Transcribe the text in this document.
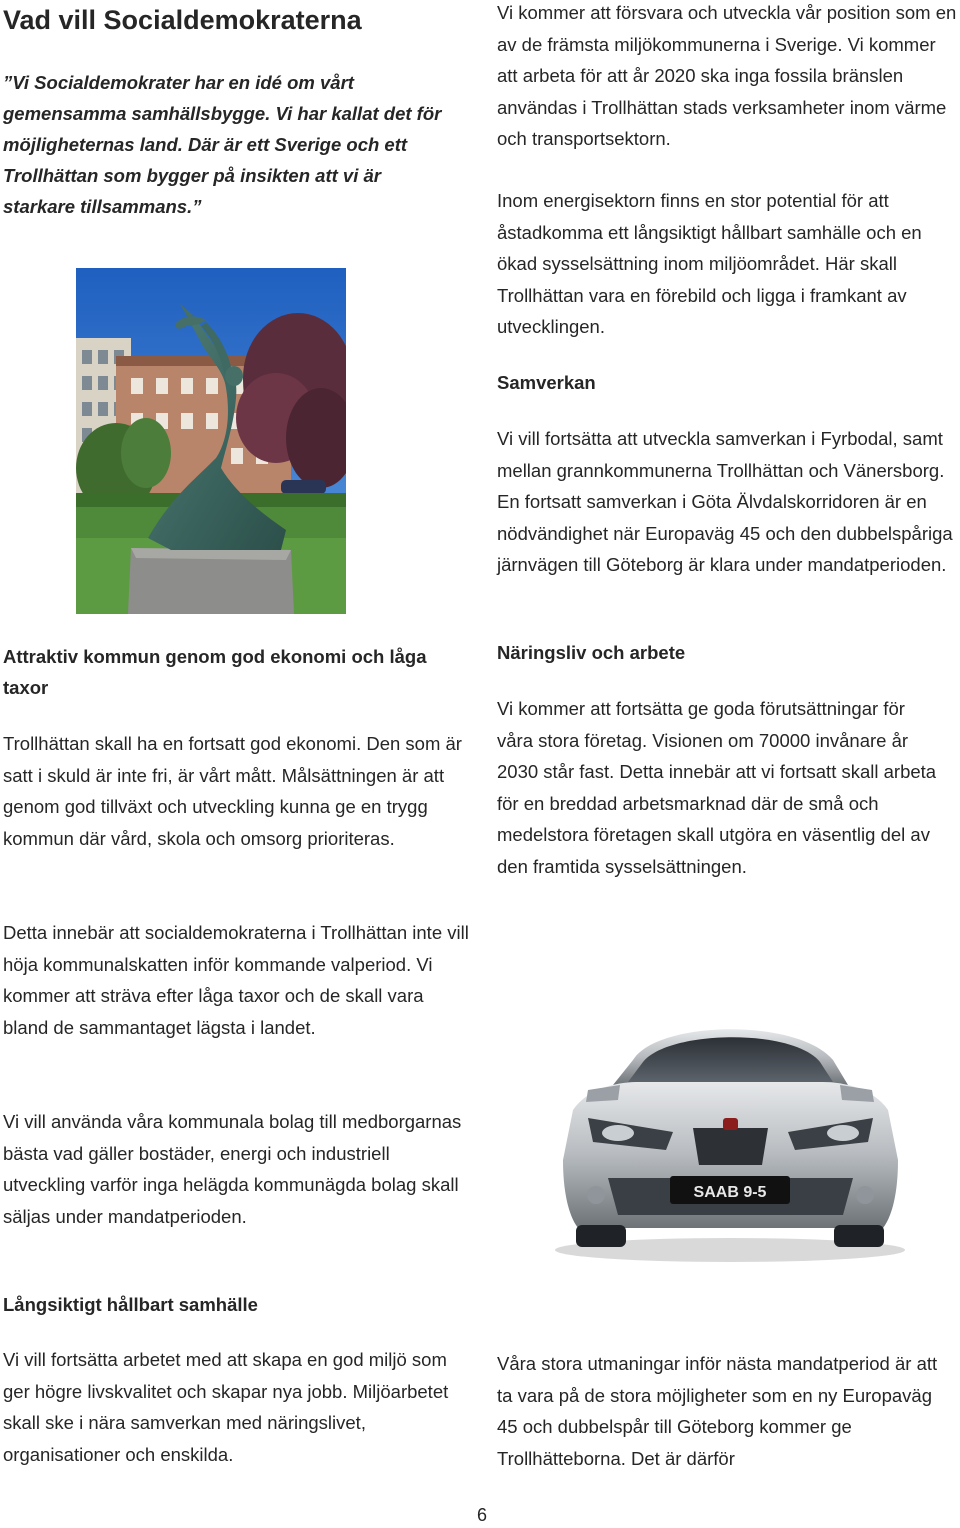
Vad vill Socialdemokraterna
”Vi Socialdemokrater har en idé om vårt gemensamma samhällsbygge. Vi har kallat det för möjligheternas land. Där är ett Sverige och ett Trollhättan som bygger på insikten att vi är starkare tillsammans.”
Attraktiv kommun genom god ekonomi och låga taxor
Trollhättan skall ha en fortsatt god ekonomi. Den som är satt i skuld är inte fri, är vårt mått. Målsättningen är att genom god tillväxt och utveckling kunna ge en trygg kommun där vård, skola och omsorg prioriteras.
Detta innebär att socialdemokraterna i Trollhättan inte vill höja kommunalskatten inför kommande valperiod. Vi kommer att sträva efter låga taxor och de skall vara bland de sammantaget lägsta i landet.
Vi vill använda våra kommunala bolag till medborgarnas bästa vad gäller bostäder, energi och industriell utveckling varför inga helägda kommunägda bolag skall säljas under mandatperioden.
Långsiktigt hållbart samhälle
Vi vill fortsätta arbetet med att skapa en god miljö som ger högre livskvalitet och skapar nya jobb. Miljöarbetet skall ske i nära samverkan med näringslivet, organisationer och enskilda.
Vi kommer att försvara och utveckla vår position som en av de främsta miljökommunerna i Sverige. Vi kommer att arbeta för att år 2020 ska inga fossila bränslen användas i Trollhättan stads verksamheter inom värme och transportsektorn.
Inom energisektorn finns en stor potential för att åstadkomma ett långsiktigt hållbart samhälle och en ökad sysselsättning inom miljöområdet. Här skall Trollhättan vara en förebild och ligga i framkant av utvecklingen.
Samverkan
Vi vill fortsätta att utveckla samverkan i Fyrbodal, samt mellan grannkommunerna Trollhättan och Vänersborg. En fortsatt samverkan i Göta Älvdalskorridoren är en nödvändighet när Europaväg 45 och den dubbelspåriga järnvägen till Göteborg är klara under mandatperioden.
Näringsliv och arbete
Vi kommer att fortsätta ge goda förutsättningar för våra stora företag. Visionen om 70000 invånare år 2030 står fast. Detta innebär att vi fortsatt skall arbeta för en breddad arbetsmarknad där de små och medelstora företagen skall utgöra en väsentlig del av den framtida sysselsättningen.
SAAB 9-5
Våra stora utmaningar inför nästa mandatperiod är att ta vara på de stora möjligheter som en ny Europaväg 45 och dubbelspår till Göteborg kommer ge Trollhätteborna. Det är därför
6
